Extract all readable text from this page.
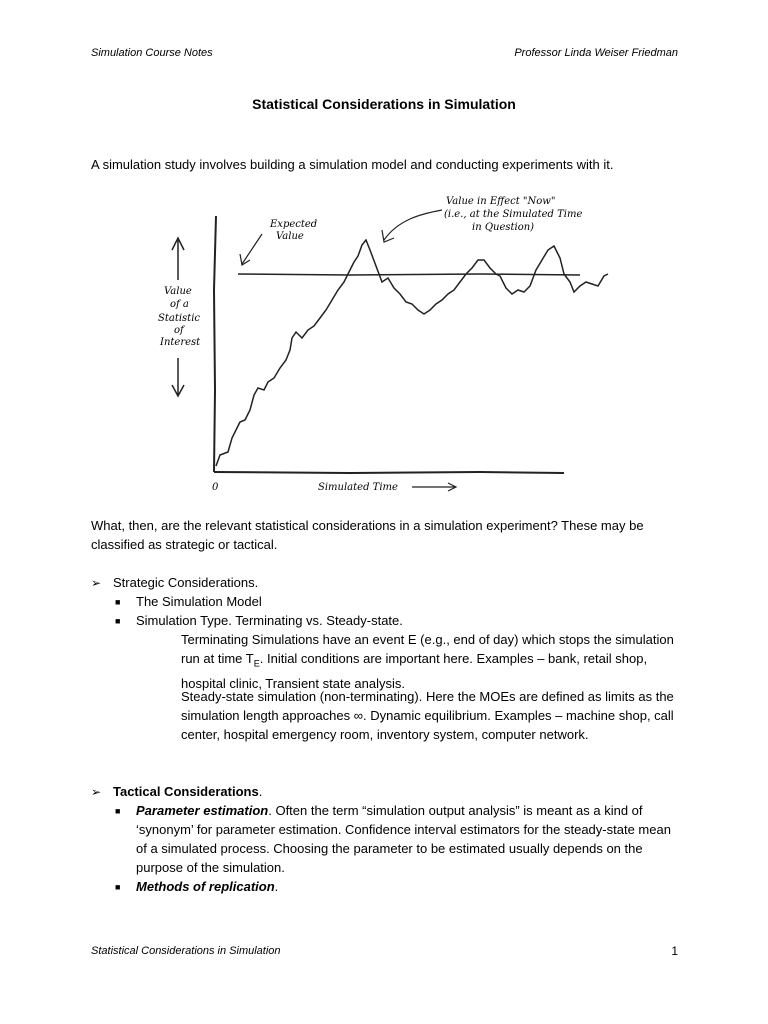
Simulation Course Notes	Professor Linda Weiser Friedman
Statistical Considerations in Simulation
A simulation study involves building a simulation model and conducting experiments with it.
Value
of a
Statistic
of
Interest
Expected
Value
Value in Effect "Now"
(i.e., at the Simulated Time
in Question)
0	Simulated Time
What, then, are the relevant statistical considerations in a simulation experiment? These may be classified as strategic or tactical.
➢ Strategic Considerations.
■ The Simulation Model
■ Simulation Type. Terminating vs. Steady-state.
Terminating Simulations have an event E (e.g., end of day) which stops the simulation run at time $T_E$. Initial conditions are important here. Examples – bank, retail shop, hospital clinic, Transient state analysis.
Steady-state simulation (non-terminating). Here the MOEs are defined as limits as the simulation length approaches ∞. Dynamic equilibrium. Examples – machine shop, call center, hospital emergency room, inventory system, computer network.
➢ Tactical Considerations.
■	Parameter estimation. Often the term “simulation output analysis” is meant as a kind of ‘synonym’ for parameter estimation. Confidence interval estimators for the steady-state mean of a simulated process. Choosing the parameter to be estimated usually depends on the purpose of the simulation.
■ Methods of replication.
Statistical Considerations in Simulation	1
